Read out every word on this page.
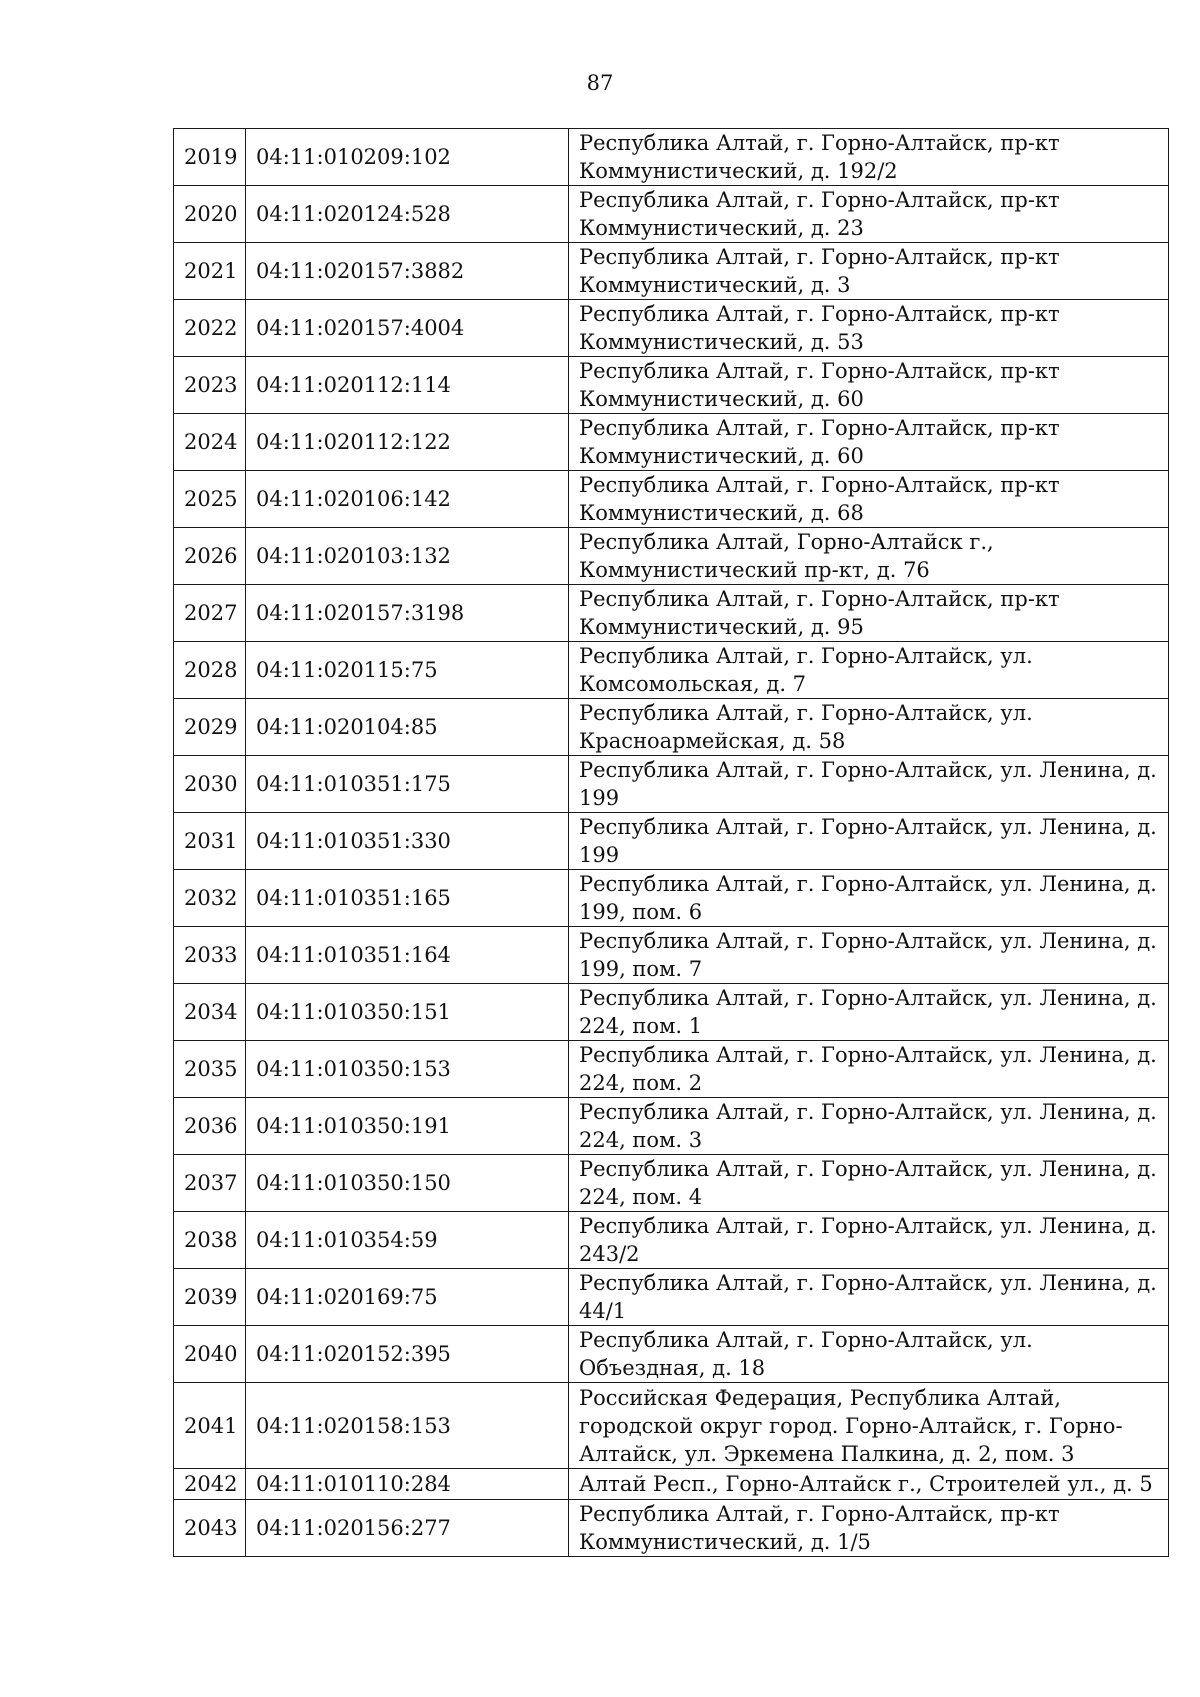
87
2019	04:11:010209:102	Республика Алтай, г. Горно-Алтайск, пр-кт Коммунистический, д. 192/2
2020	04:11:020124:528	Республика Алтай, г. Горно-Алтайск, пр-кт Коммунистический, д. 23
2021	04:11:020157:3882	Республика Алтай, г. Горно-Алтайск, пр-кт Коммунистический, д. 3
2022	04:11:020157:4004	Республика Алтай, г. Горно-Алтайск, пр-кт Коммунистический, д. 53
2023	04:11:020112:114	Республика Алтай, г. Горно-Алтайск, пр-кт Коммунистический, д. 60
2024	04:11:020112:122	Республика Алтай, г. Горно-Алтайск, пр-кт Коммунистический, д. 60
2025	04:11:020106:142	Республика Алтай, г. Горно-Алтайск, пр-кт Коммунистический, д. 68
2026	04:11:020103:132	Республика Алтай, Горно-Алтайск г., Коммунистический пр-кт, д. 76
2027	04:11:020157:3198	Республика Алтай, г. Горно-Алтайск, пр-кт Коммунистический, д. 95
2028	04:11:020115:75	Республика Алтай, г. Горно-Алтайск, ул. Комсомольская, д. 7
2029	04:11:020104:85	Республика Алтай, г. Горно-Алтайск, ул. Красноармейская, д. 58
2030	04:11:010351:175	Республика Алтай, г. Горно-Алтайск, ул. Ленина, д. 199
2031	04:11:010351:330	Республика Алтай, г. Горно-Алтайск, ул. Ленина, д. 199
2032	04:11:010351:165	Республика Алтай, г. Горно-Алтайск, ул. Ленина, д. 199, пом. 6
2033	04:11:010351:164	Республика Алтай, г. Горно-Алтайск, ул. Ленина, д. 199, пом. 7
2034	04:11:010350:151	Республика Алтай, г. Горно-Алтайск, ул. Ленина, д. 224, пом. 1
2035	04:11:010350:153	Республика Алтай, г. Горно-Алтайск, ул. Ленина, д. 224, пом. 2
2036	04:11:010350:191	Республика Алтай, г. Горно-Алтайск, ул. Ленина, д. 224, пом. 3
2037	04:11:010350:150	Республика Алтай, г. Горно-Алтайск, ул. Ленина, д. 224, пом. 4
2038	04:11:010354:59	Республика Алтай, г. Горно-Алтайск, ул. Ленина, д. 243/2
2039	04:11:020169:75	Республика Алтай, г. Горно-Алтайск, ул. Ленина, д. 44/1
2040	04:11:020152:395	Республика Алтай, г. Горно-Алтайск, ул. Объездная, д. 18
2041	04:11:020158:153	Российская Федерация, Республика Алтай, городской округ город. Горно-Алтайск, г. Горно-Алтайск, ул. Эркемена Палкина, д. 2, пом. 3
2042	04:11:010110:284	Алтай Респ., Горно-Алтайск г., Строителей ул., д. 5
2043	04:11:020156:277	Республика Алтай, г. Горно-Алтайск, пр-кт Коммунистический, д. 1/5
